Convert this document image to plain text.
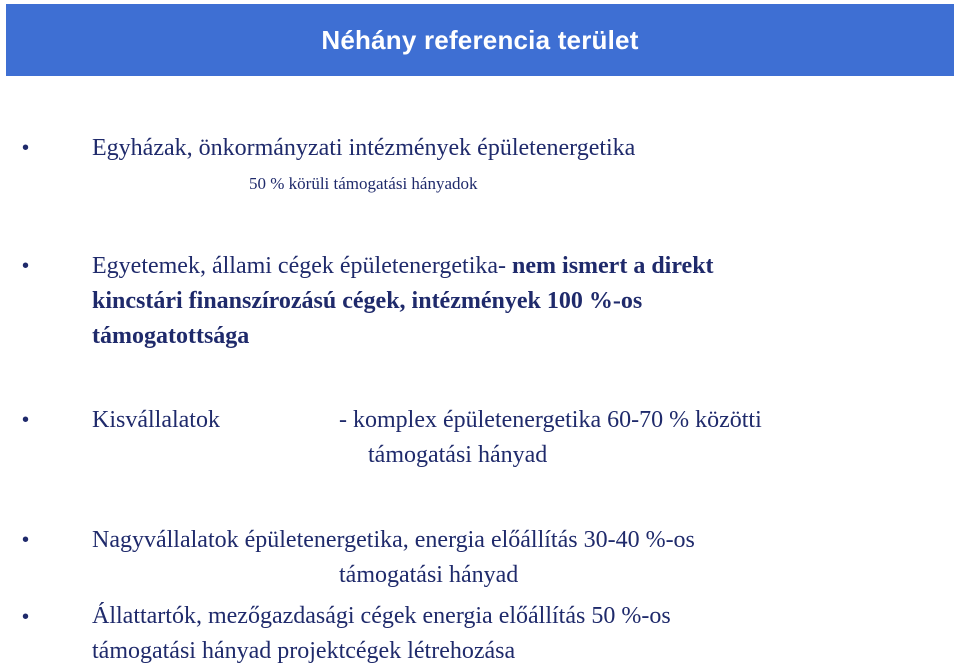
Néhány referencia terület
•	Egyházak, önkormányzati intézmények épületenergetika
50 % körüli támogatási hányadok
•	Egyetemek, állami cégek épületenergetika- nem ismert a direkt
kincstári finanszírozású cégek, intézmények 100 %-os
támogatottsága
•	Kisvállalatok	- komplex épületenergetika 60-70 % közötti
támogatási hányad
•	Nagyvállalatok épületenergetika, energia előállítás 30-40 %-os
támogatási hányad
•	Állattartók, mezőgazdasági cégek energia előállítás 50 %-os
támogatási hányad projektcégek létrehozása
